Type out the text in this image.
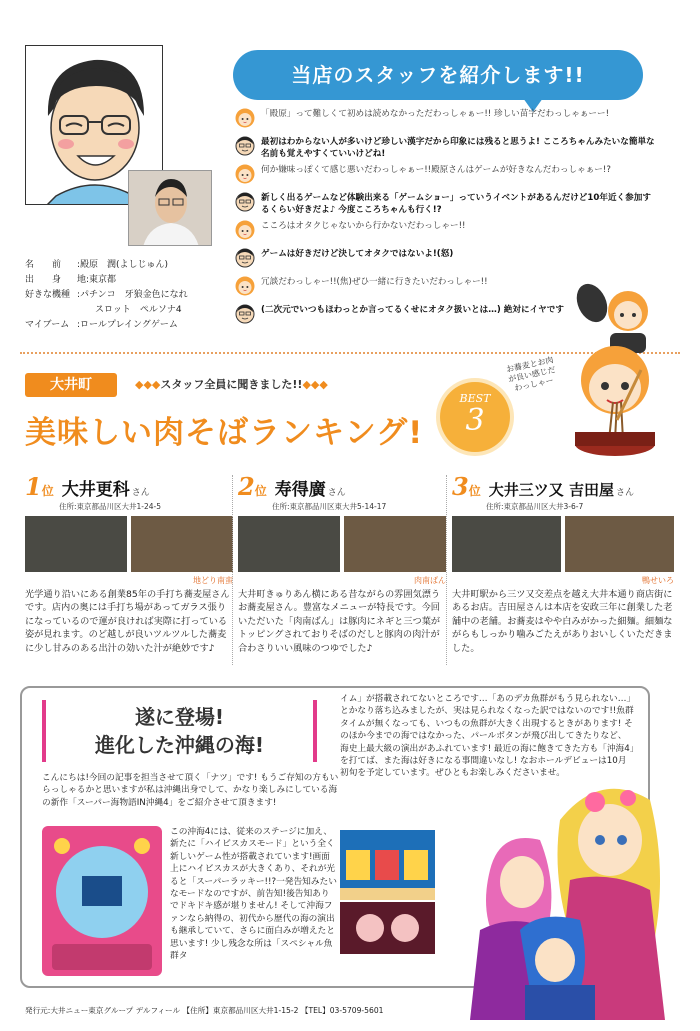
名　　前	:殿原　潤(よしじゅん)
出　　身	地:東京都
好きな機種 :パチンコ　牙狼金色になれ
　　スロット　ペルソナ4
マイブーム :ロールプレイングゲーム
当店のスタッフを紹介します!!
「殿原」って難しくて初めは読めなかっただわっしゃぁー!! 珍しい苗字だわっしゃぁーー!
最初はわからない人が多いけど珍しい漢字だから印象には残ると思うよ! こころちゃんみたいな簡単な名前も覚えやすくていいけどね!
何か嫌味っぽくて感じ悪いだわっしゃぁー!!殿原さんはゲームが好きなんだわっしゃぁー!?
新しく出るゲームなど体験出来る「ゲームショー」っていうイベントがあるんだけど10年近く参加するくらい好きだよ♪ 今度こころちゃんも行く!?
こころはオタクじゃないから行かないだわっしゃー!!
ゲームは好きだけど決してオタクではないよ!(怒)
冗談だわっしゃー!!(焦)ぜひ一緒に行きたいだわっしゃー!!
(二次元でいつもほわっとか言ってるくせにオタク扱いとは…) 絶対にイヤです
大井町	◆◆◆スタッフ全員に聞きました!!◆◆◆
美味しい肉そばランキング!
BEST
3
お蕎麦とお肉が良い感じだわっしゃー
1 位 大井更科 さん
住所:東京都品川区大井1-24-5
地どり南蛮
光学通り沿いにある創業85年の手打ち蕎麦屋さんです。店内の奥には手打ち場があってガラス張りになっているので運が良ければ実際に打っている姿が見れます。のど越しが良いツルツルした蕎麦に少し甘みのある出汁の効いた汁が絶妙です♪
2 位 寿得廣 さん
住所:東京都品川区東大井5-14-17
肉南ばん
大井町きゅりあん横にある昔ながらの雰囲気漂うお蕎麦屋さん。豊富なメニューが特長です。今回いただいた「肉南ばん」は豚肉にネギと三つ葉がトッピングされておりそばのだしと豚肉の肉汁が合わさりいい風味のつゆでした♪
3 位 大井三ツ又 吉田屋 さん
住所:東京都品川区大井3-6-7
鴨せいろ
大井町駅から三ツ又交差点を越え大井本通り商店街にあるお店。吉田屋さんは本店を安政三年に創業した老舗中の老舗。お蕎麦はやや白みがかった細麺。細麺ながらもしっかり噛みごたえがありおいしくいただきました。
遂に登場!
進化した沖縄の海!
こんにちは!今回の記事を担当させて頂く「ナツ」です! もうご存知の方もいらっしゃるかと思いますが私は沖縄出身でして、かなり楽しみにしている海の新作「スーパー海物語IN沖縄4」をご紹介させて頂きます!
この沖海4には、従来のステージに加え、新たに「ハイビスカスモード」という全く新しいゲーム性が搭載されています!画面上にハイビスカスが大きくあり、それが光ると「スーパーラッキー!!?一発告知みたいなモードなのですが、前告知!後告知ありでドキドキ感が堪りません! そして沖海ファンなら納得の、初代から歴代の海の演出も継承していて、さらに面白みが増えたと思います! 少し残念な所は「スペシャル魚群タ
イム」が搭載されてないところです…「あのデカ魚群がもう見られない…」とかなり落ち込みましたが、実は見られなくなった訳ではないのです!!魚群タイムが無くなっても、いつもの魚群が大きく出現するときがあります! そのほか今までの海ではなかった、パールボタンが飛び出してきたりなど、海史上最大級の演出があふれています! 最近の海に飽きてきた方も「沖海4」を打てば、また海は好きになる事間違いなし! なおホールデビューは10月初旬を予定しています。ぜひともお楽しみくださいませ。
発行元:大井ニュー東京グループ デルフィール 【住所】東京都品川区大井1-15-2 【TEL】03-5709-5601
